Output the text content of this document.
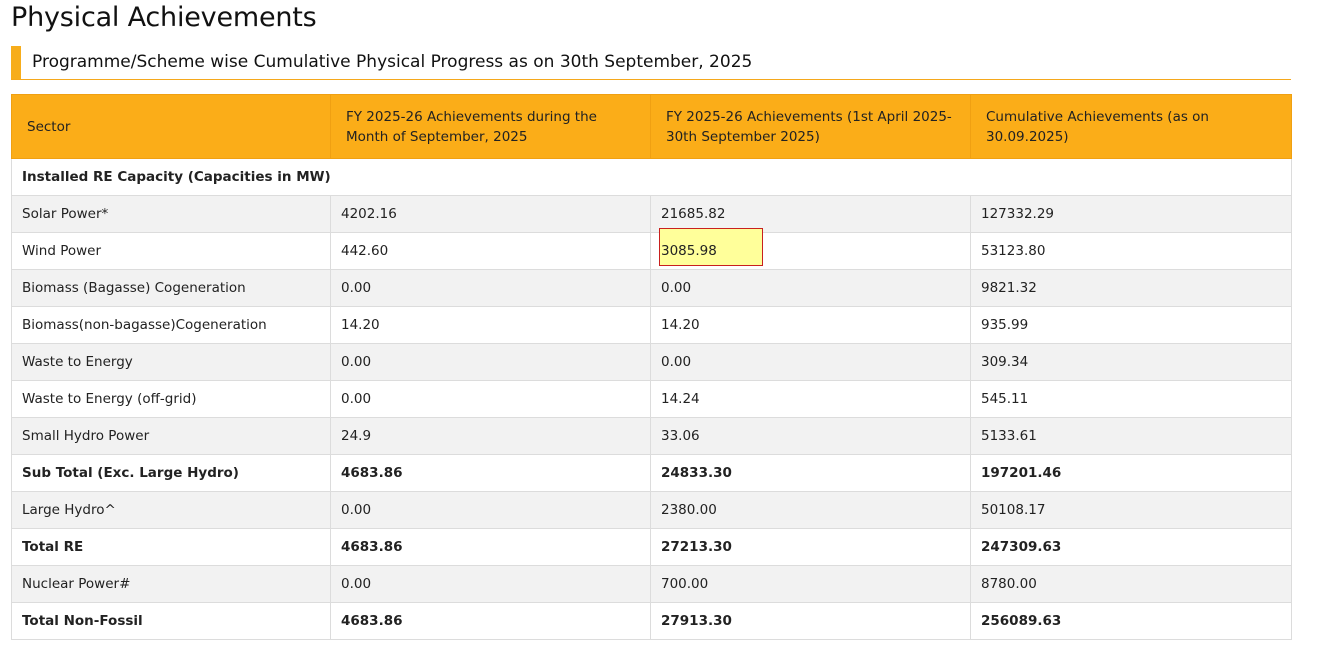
Physical Achievements
Programme/Scheme wise Cumulative Physical Progress as on 30th September, 2025
Sector	FY 2025-26 Achievements during the Month of September, 2025	FY 2025-26 Achievements (1st April 2025-30th September 2025)	Cumulative Achievements (as on 30.09.2025)
Installed RE Capacity (Capacities in MW)			
Solar Power*	4202.16	21685.82	127332.29
Wind Power	442.60	3085.98	53123.80
Biomass (Bagasse) Cogeneration	0.00	0.00	9821.32
Biomass(non-bagasse)Cogeneration	14.20	14.20	935.99
Waste to Energy	0.00	0.00	309.34
Waste to Energy (off-grid)	0.00	14.24	545.11
Small Hydro Power	24.9	33.06	5133.61
Sub Total (Exc. Large Hydro)	4683.86	24833.30	197201.46
Large Hydro^	0.00	2380.00	50108.17
Total RE	4683.86	27213.30	247309.63
Nuclear Power#	0.00	700.00	8780.00
Total Non-Fossil	4683.86	27913.30	256089.63
